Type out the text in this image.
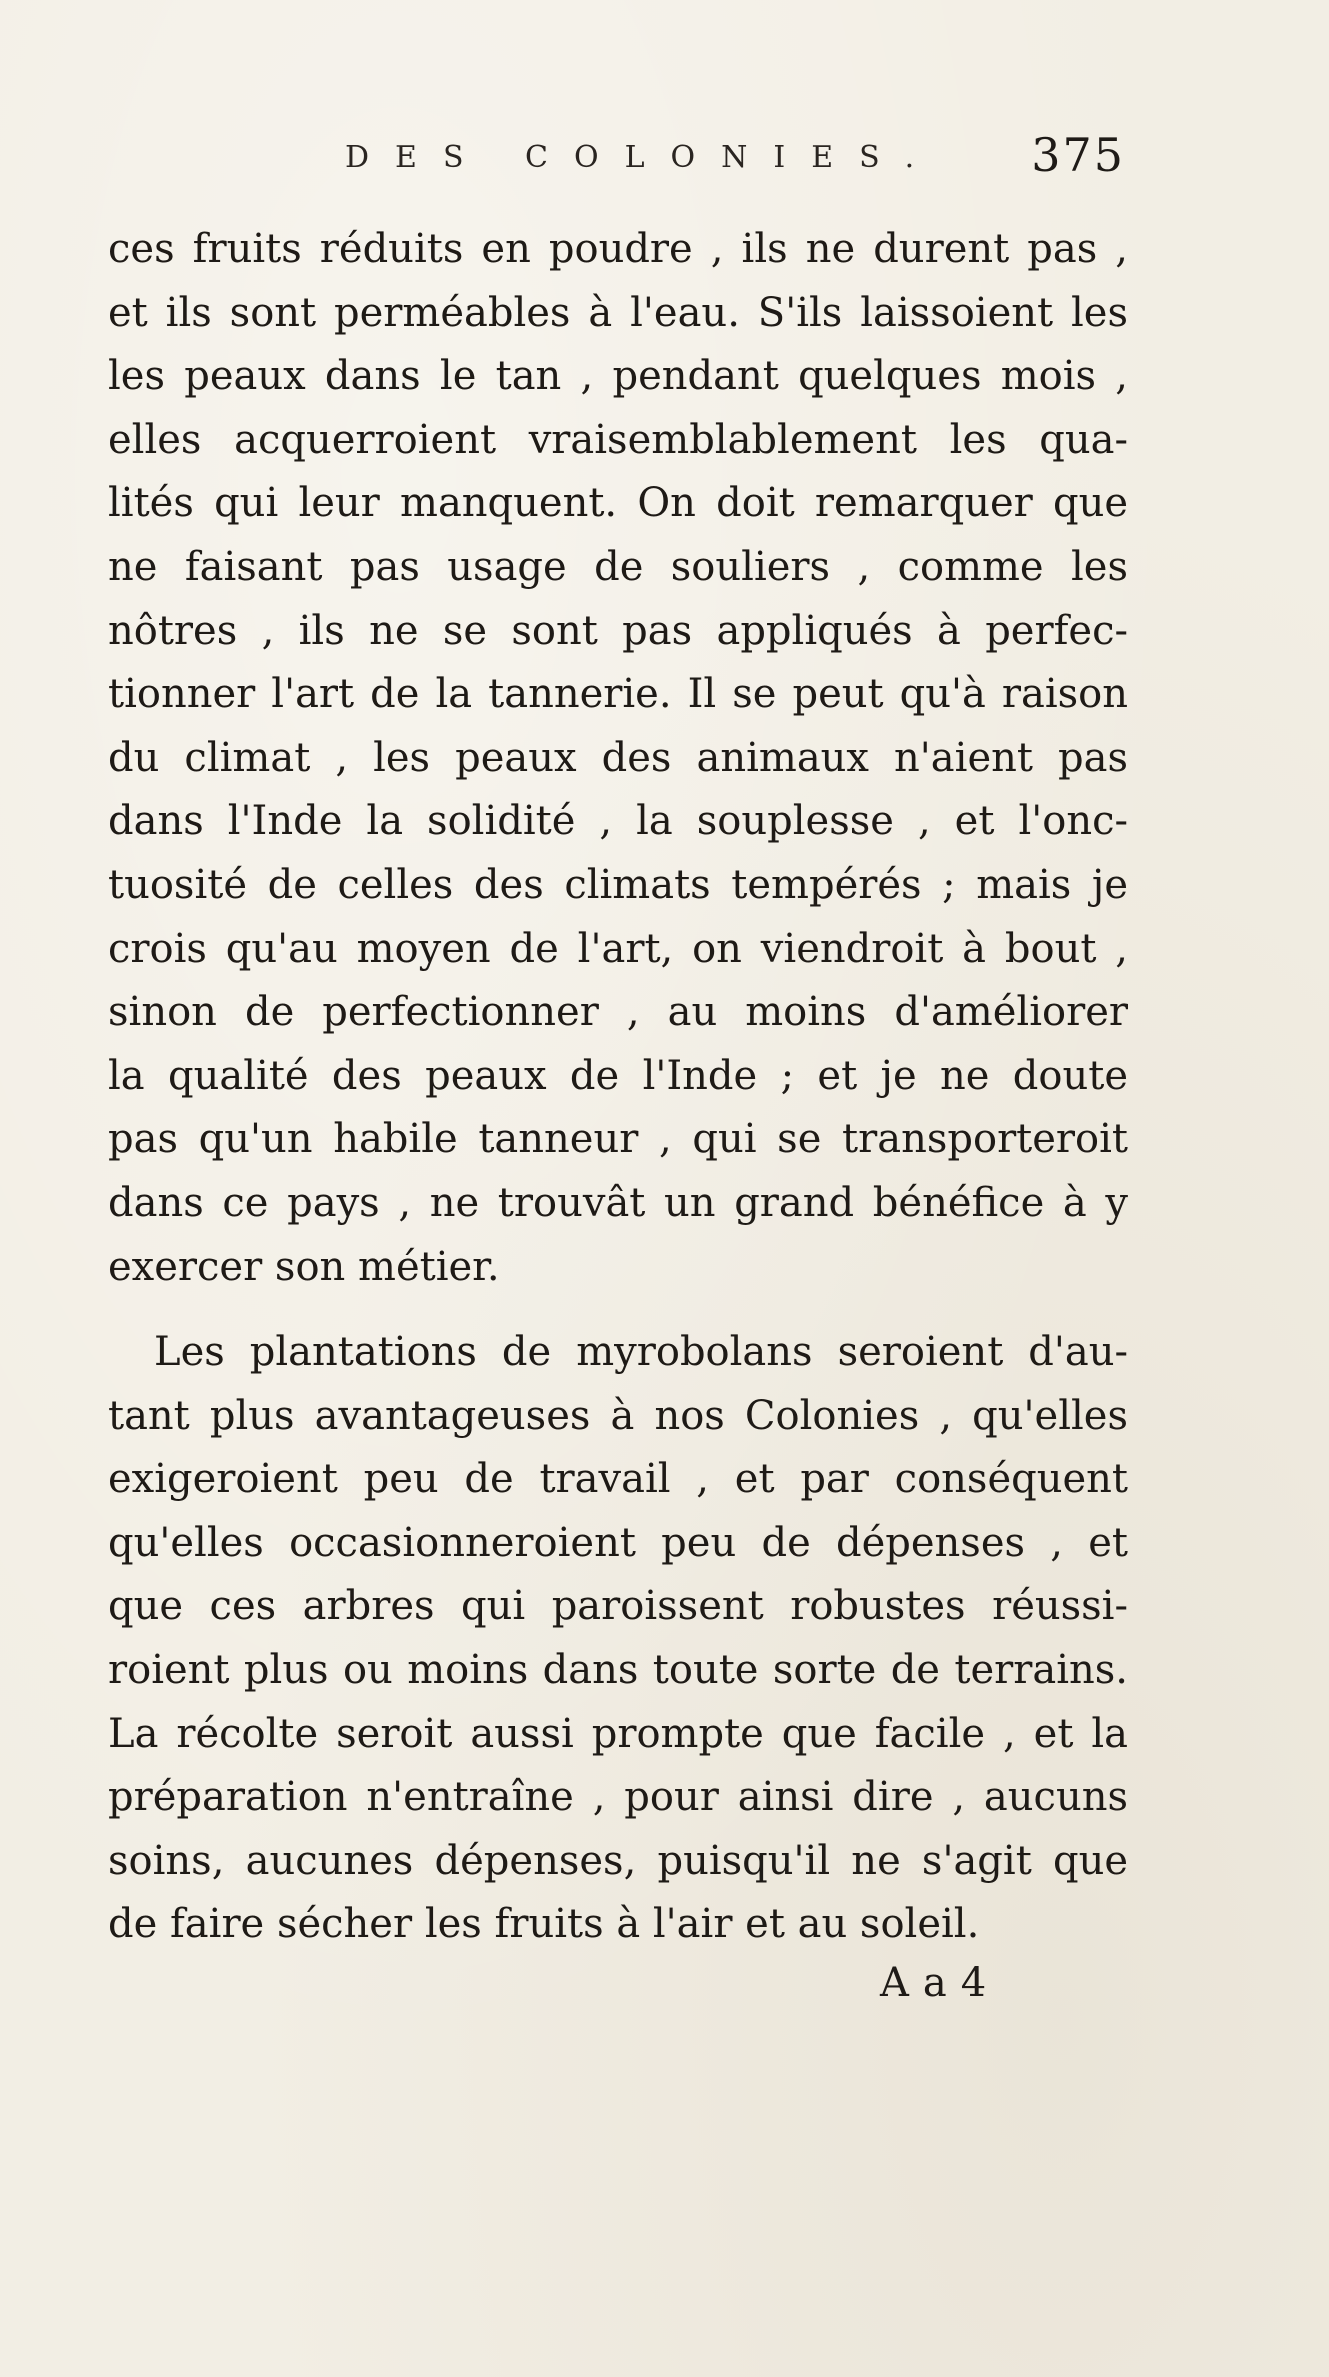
DES COLONIES. 375

ces fruits réduits en poudre , ils ne durent pas ,
et ils sont perméables à l'eau. S'ils laissoient les
les peaux dans le tan , pendant quelques mois ,
elles acquerroient vraisemblablement les qua-
lités qui leur manquent. On doit remarquer que
ne faisant pas usage de souliers , comme les
nôtres , ils ne se sont pas appliqués à perfec-
tionner l'art de la tannerie. Il se peut qu'à raison
du climat , les peaux des animaux n'aient pas
dans l'Inde la solidité , la souplesse , et l'onc-
tuosité de celles des climats tempérés ; mais je
crois qu'au moyen de l'art, on viendroit à bout ,
sinon de perfectionner , au moins d'améliorer
la qualité des peaux de l'Inde ; et je ne doute
pas qu'un habile tanneur , qui se transporteroit
dans ce pays , ne trouvât un grand bénéfice à y
exercer son métier.

Les plantations de myrobolans seroient d'au-
tant plus avantageuses à nos Colonies , qu'elles
exigeroient peu de travail , et par conséquent
qu'elles occasionneroient peu de dépenses , et
que ces arbres qui paroissent robustes réussi-
roient plus ou moins dans toute sorte de terrains.
La récolte seroit aussi prompte que facile , et la
préparation n'entraîne , pour ainsi dire , aucuns
soins, aucunes dépenses, puisqu'il ne s'agit que
de faire sécher les fruits à l'air et au soleil.

Aa4
